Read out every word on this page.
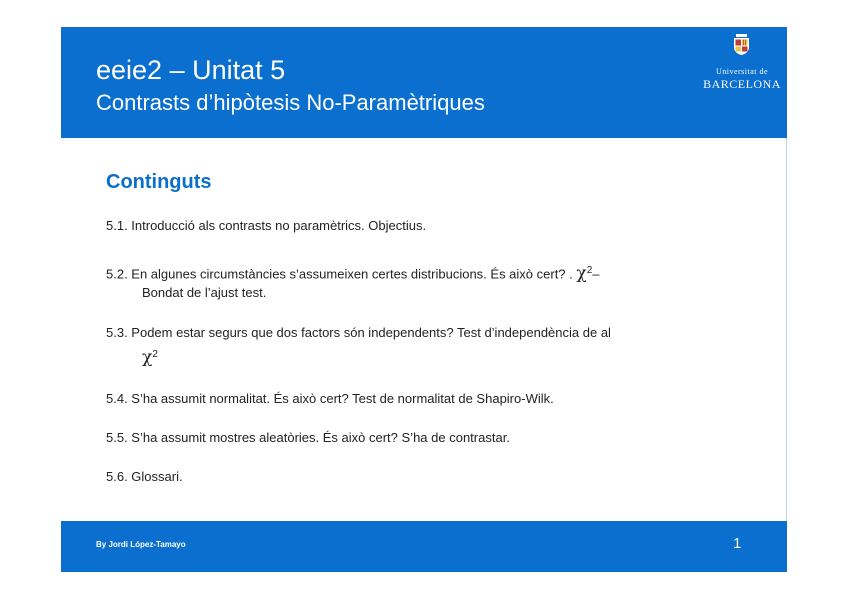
eeie2 – Unitat 5
Contrasts d’hipòtesis No-Paramètriques
Universitat de
BARCELONA
Continguts
5.1. Introducció als contrasts no paramètrics. Objectius.
5.2. En algunes circumstàncies s’assumeixen certes distribucions. És això cert? . $\chi^2-$
Bondat de l’ajust test.
5.3. Podem estar segurs que dos factors són independents? Test d’independència de al
$\chi^2$
5.4. S’ha assumit normalitat. És això cert? Test de normalitat de Shapiro-Wilk.
5.5. S’ha assumit mostres aleatòries. És això cert? S’ha de contrastar.
5.6. Glossari.
By Jordi López-Tamayo	1
